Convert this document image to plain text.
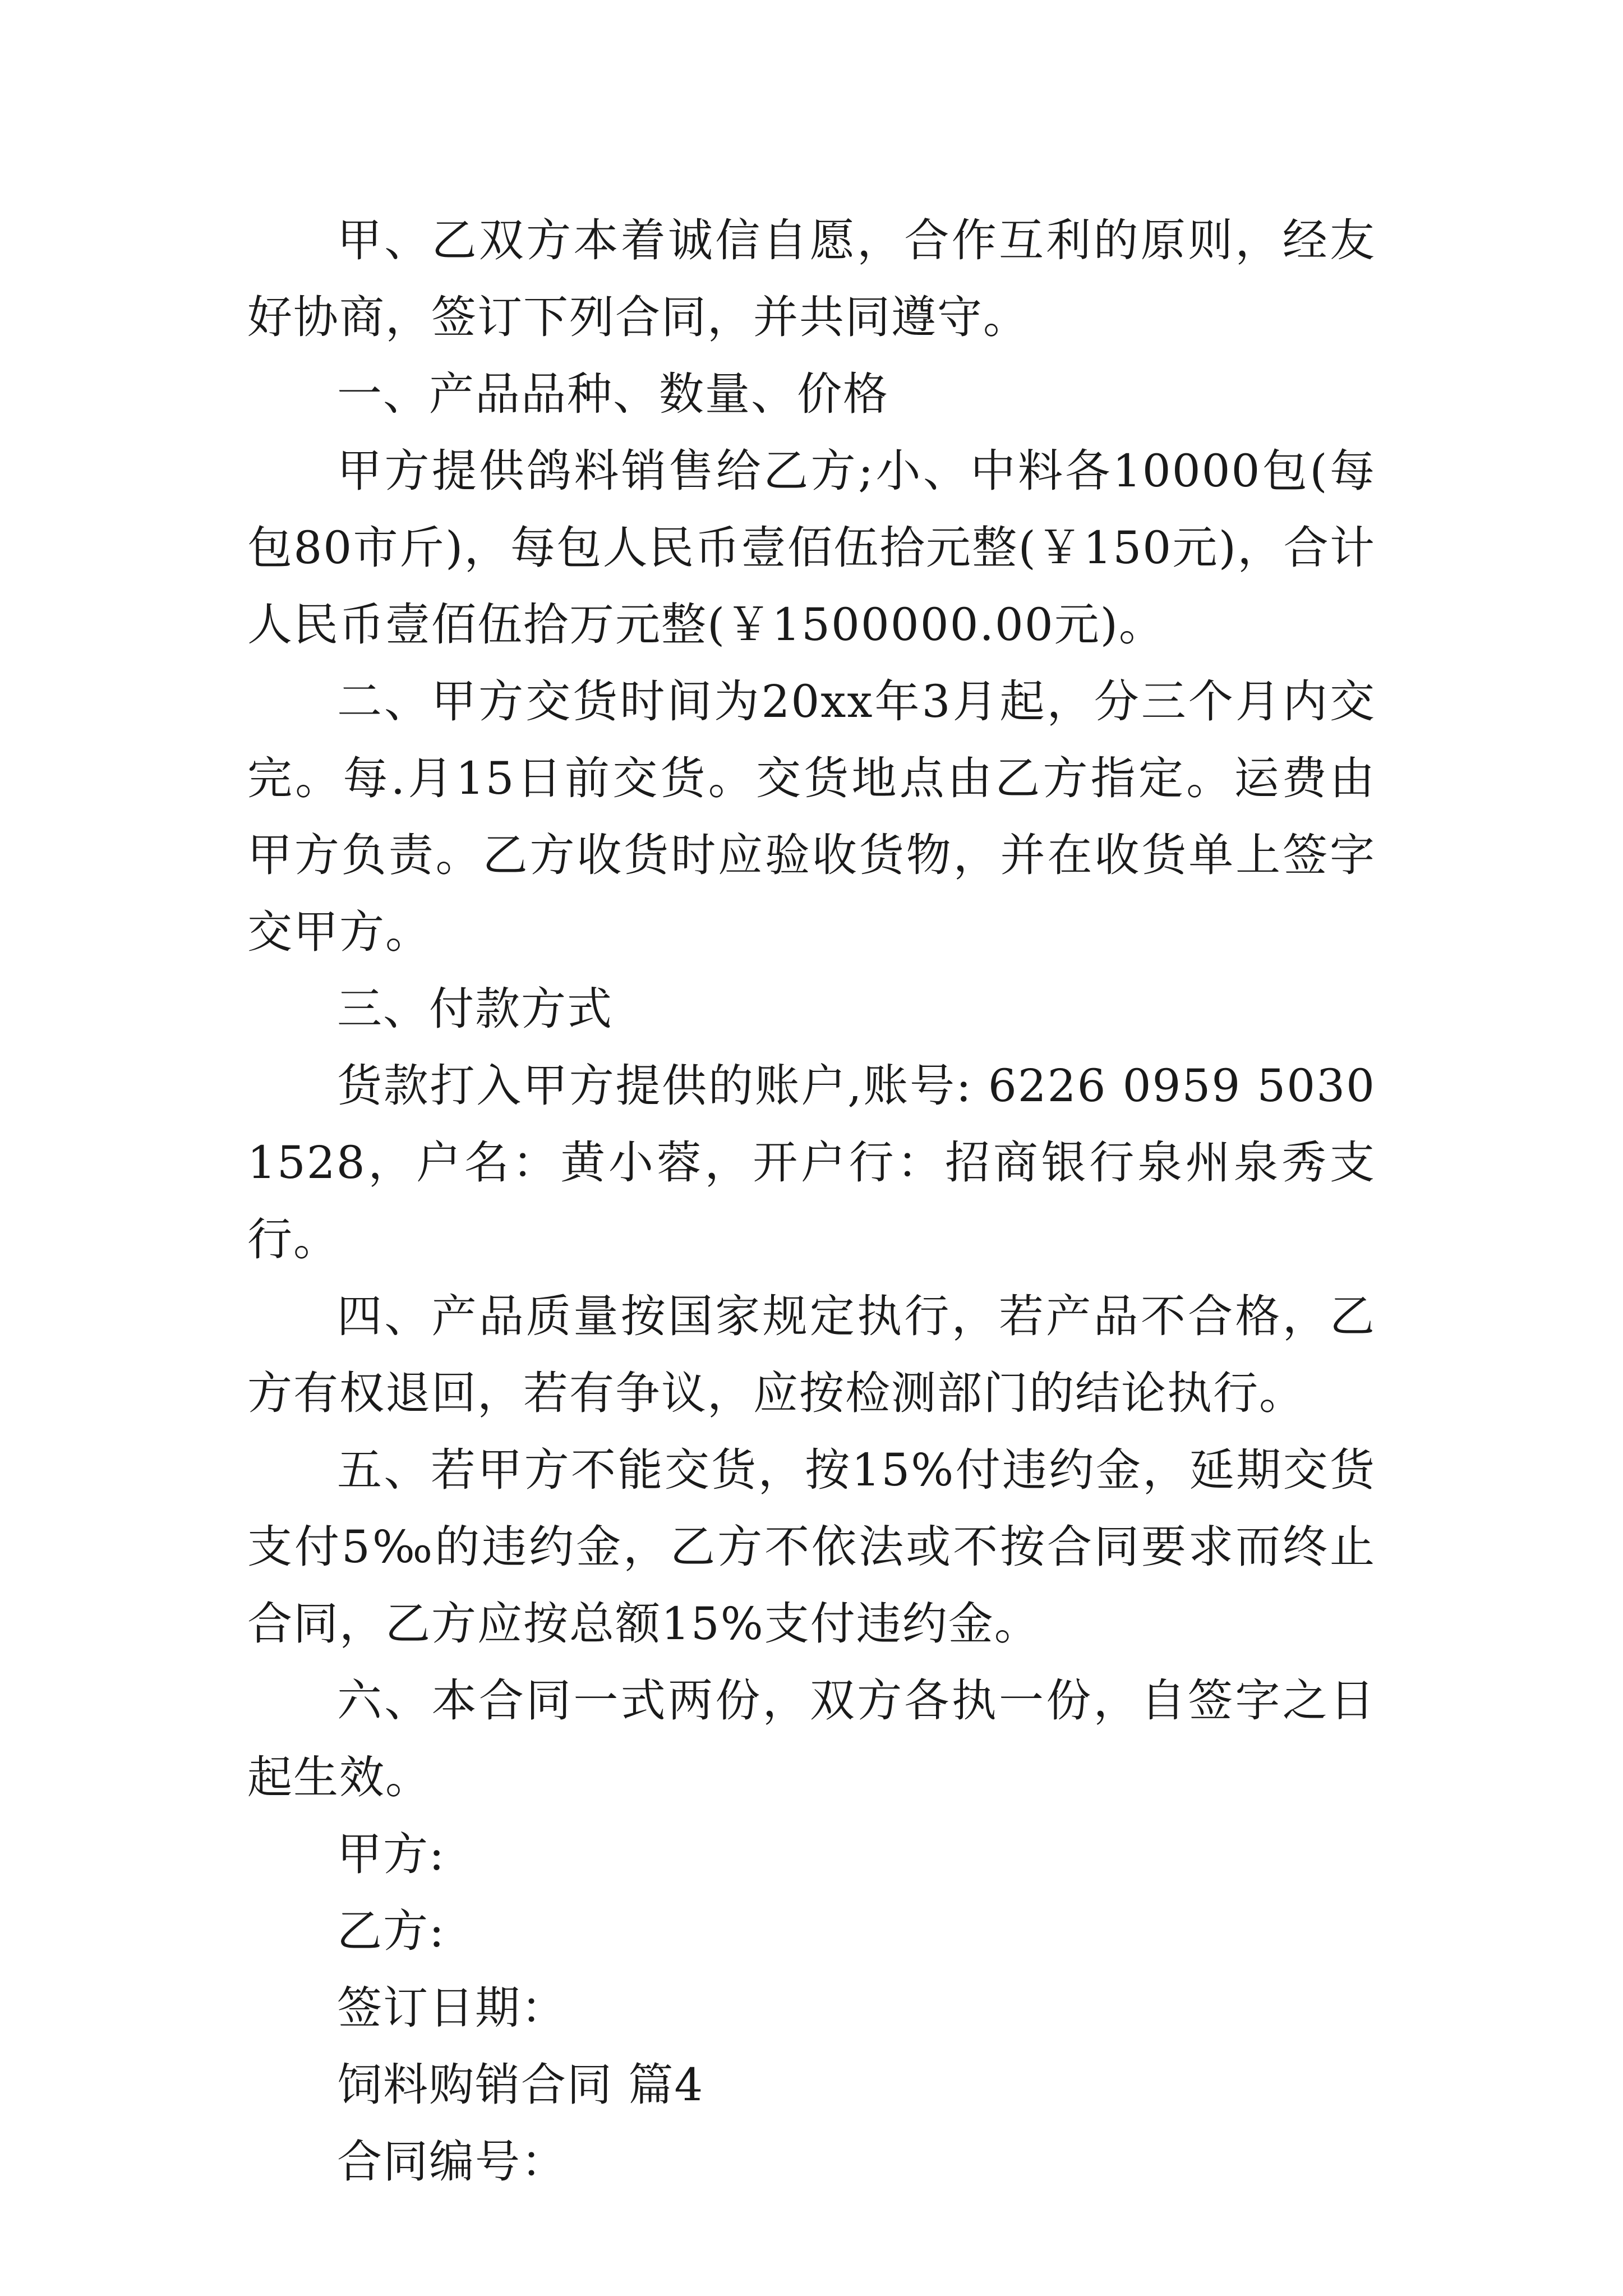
甲、乙双方本着诚信自愿，合作互利的原则，经友好协商，签订下列合同，并共同遵守。

一、产品品种、数量、价格

甲方提供鸽料销售给乙方;小、中料各10000包(每包80市斤)，每包人民币壹佰伍拾元整(￥150元)，合计人民币壹佰伍拾万元整(￥1500000.00元)。

二、甲方交货时间为20xx年3月起，分三个月内交完。每.月15日前交货。交货地点由乙方指定。运费由甲方负责。乙方收货时应验收货物，并在收货单上签字交甲方。

三、付款方式

货款打入甲方提供的账户,账号: 6226 0959 5030 1528，户名：黄小蓉，开户行：招商银行泉州泉秀支行。

四、产品质量按国家规定执行，若产品不合格，乙方有权退回，若有争议，应按检测部门的结论执行。

五、若甲方不能交货，按15%付违约金，延期交货支付5‰的违约金，乙方不依法或不按合同要求而终止合同，乙方应按总额15%支付违约金。

六、本合同一式两份，双方各执一份，自签字之日起生效。

甲方:

乙方:

签订日期：

饲料购销合同 篇4

合同编号：
